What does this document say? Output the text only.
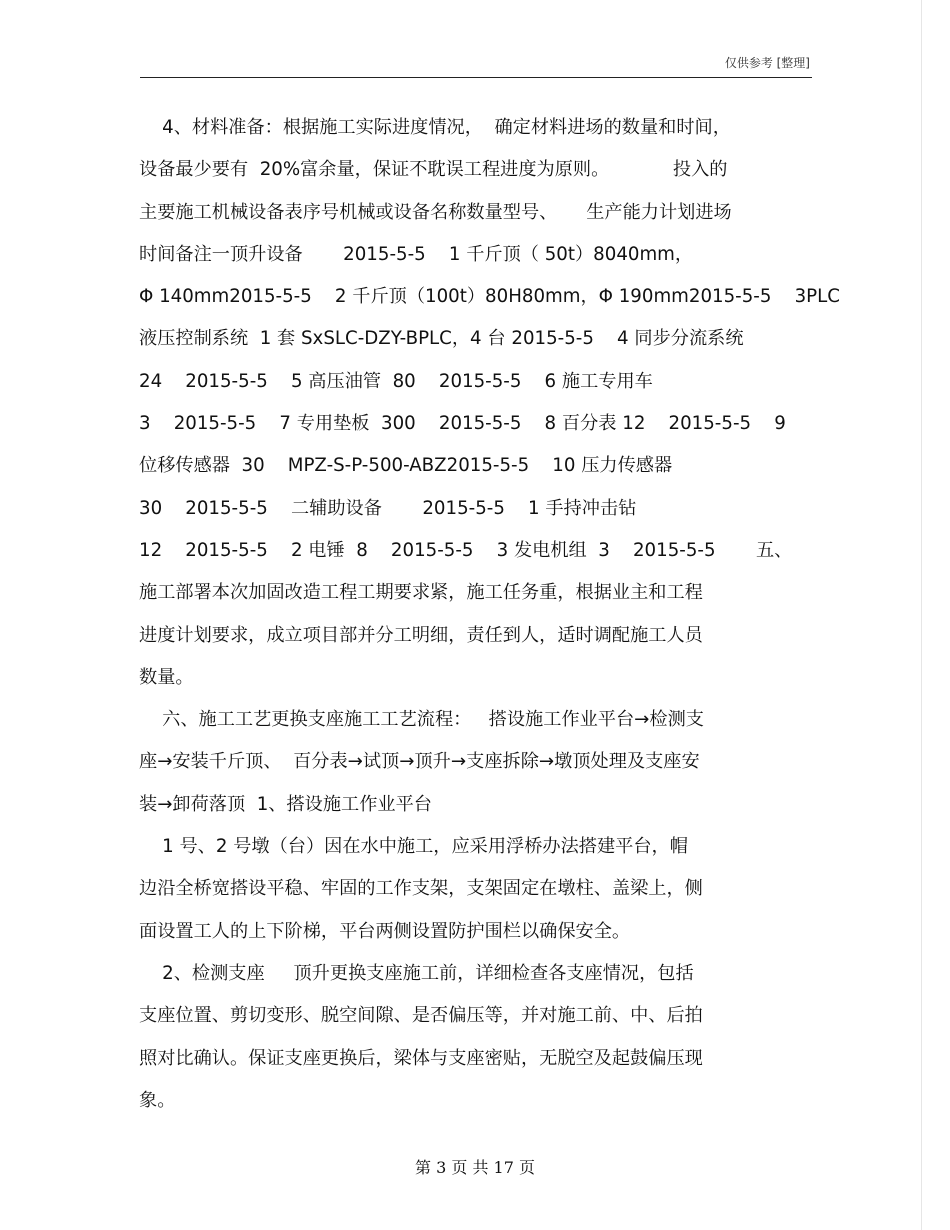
仅供参考 [整理]
4、材料准备：根据施工实际进度情况，  确定材料进场的数量和时间，
设备最少要有  20%富余量，保证不耽误工程进度为原则。           投入的
主要施工机械设备表序号机械或设备名称数量型号、     生产能力计划进场
时间备注一顶升设备       2015-5-5    1 千斤顶（ 50t）8040mm，
Φ 140mm2015-5-5    2 千斤顶（100t）80H80mm，Φ 190mm2015-5-5    3PLC
液压控制系统  1 套 SxSLC-DZY-BPLC，4 台 2015-5-5    4 同步分流系统
24    2015-5-5    5 高压油管  80    2015-5-5    6 施工专用车
3    2015-5-5    7 专用垫板  300    2015-5-5    8 百分表 12    2015-5-5    9
位移传感器  30    MPZ-S-P-500-ABZ2015-5-5    10 压力传感器
30    2015-5-5    二辅助设备       2015-5-5    1 手持冲击钻
12    2015-5-5    2 电锤  8    2015-5-5    3 发电机组  3    2015-5-5       五、
施工部署本次加固改造工程工期要求紧，施工任务重，根据业主和工程
进度计划要求，成立项目部并分工明细，责任到人，适时调配施工人员
数量。
六、施工工艺更换支座施工工艺流程：   搭设施工作业平台→检测支
座→安装千斤顶、  百分表→试顶→顶升→支座拆除→墩顶处理及支座安
装→卸荷落顶  1、搭设施工作业平台
1 号、2 号墩（台）因在水中施工，应采用浮桥办法搭建平台，帽
边沿全桥宽搭设平稳、牢固的工作支架，支架固定在墩柱、盖梁上，侧
面设置工人的上下阶梯，平台两侧设置防护围栏以确保安全。
2、检测支座     顶升更换支座施工前，详细检查各支座情况，包括
支座位置、剪切变形、脱空间隙、是否偏压等，并对施工前、中、后拍
照对比确认。保证支座更换后，梁体与支座密贴，无脱空及起鼓偏压现
象。
第 3 页 共 17 页
